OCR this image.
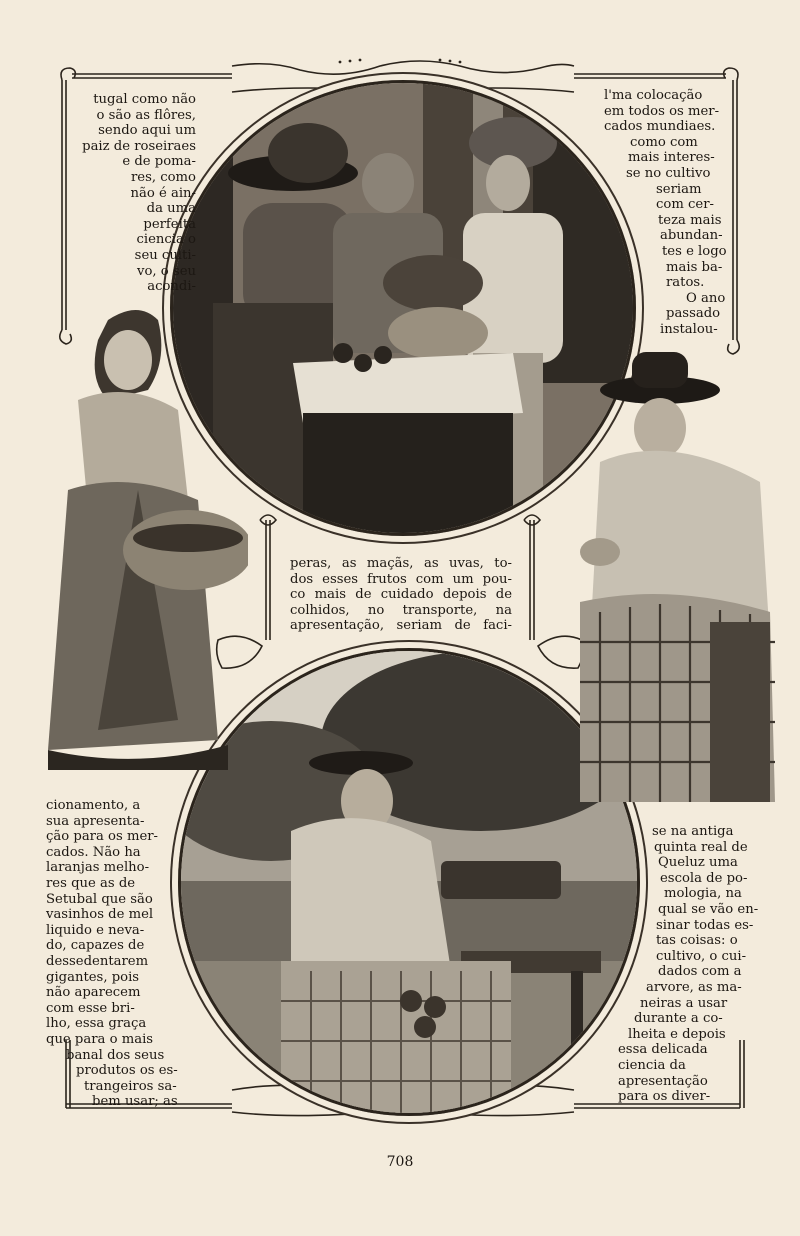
tugal como não
o são as flôres,
sendo aqui um
paiz de roseiraes
e de poma-
res, como
não é ain-
da uma
perfeita
ciencia o
seu culti-
vo, o seu
acondi-
l'ma colocação
em todos os mer-
cados mundiaes.
como com
mais interes-
se no cultivo
seriam
com cer-
teza mais
abundan-
tes e logo
mais ba-
ratos.
O ano
passado
instalou-
peras, as maçãs, as uvas, to-
dos esses frutos com um pou-
co mais de cuidado depois de
colhidos, no transporte, na
apresentação, seriam de faci-
cionamento, a
sua apresenta-
ção para os mer-
cados. Não ha
laranjas melho-
res que as de
Setubal que são
vasinhos de mel
liquido e neva-
do, capazes de
dessedentarem
gigantes, pois
não aparecem
com esse bri-
lho, essa graça
que para o mais
banal dos seus
produtos os es-
trangeiros sa-
bem usar; as
se na antiga
quinta real de
Queluz uma
escola de po-
mologia, na
qual se vão en-
sinar todas es-
tas coisas: o
cultivo, o cui-
dados com a
arvore, as ma-
neiras a usar
durante a co-
lheita e depois
essa delicada
ciencia da
apresentação
para os diver-
708
